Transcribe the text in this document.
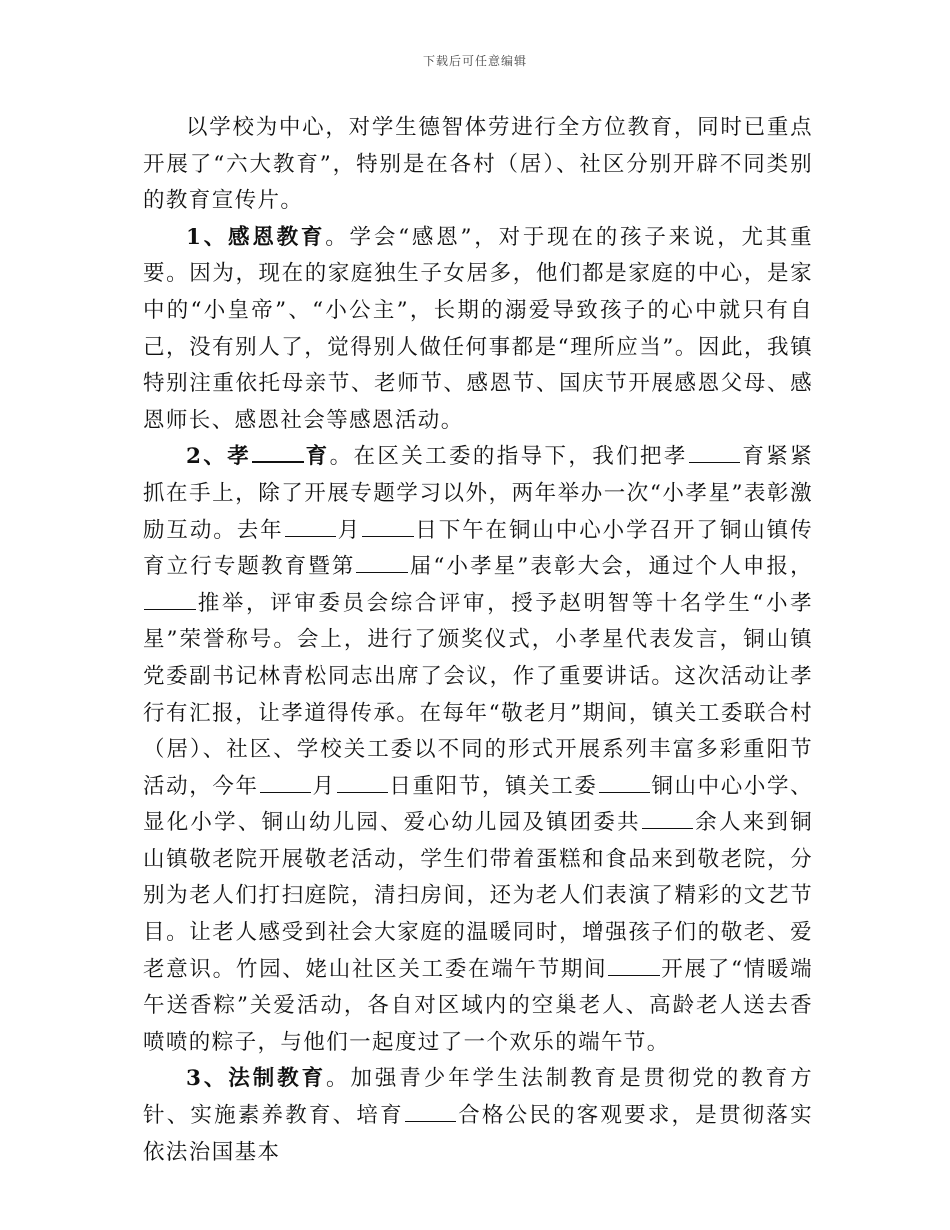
下载后可任意编辑

以学校为中心，对学生德智体劳进行全方位教育，同时已重点开展了“六大教育”，特别是在各村（居）、社区分别开辟不同类别的教育宣传片。

1、感恩教育。学会“感恩”，对于现在的孩子来说，尤其重要。因为，现在的家庭独生子女居多，他们都是家庭的中心，是家中的“小皇帝”、“小公主”，长期的溺爱导致孩子的心中就只有自己，没有别人了，觉得别人做任何事都是“理所应当”。因此，我镇特别注重依托母亲节、老师节、感恩节、国庆节开展感恩父母、感恩师长、感恩社会等感恩活动。

2、孝 育。在区关工委的指导下，我们把孝 育紧紧抓在手上，除了开展专题学习以外，两年举办一次“小孝星”表彰激励互动。去年 月 日下午在铜山中心小学召开了铜山镇传育立行专题教育暨第 届“小孝星”表彰大会，通过个人申报，推举，评审委员会综合评审，授予赵明智等十名学生“小孝星”荣誉称号。会上，进行了颁奖仪式，小孝星代表发言，铜山镇党委副书记林青松同志出席了会议，作了重要讲话。这次活动让孝行有汇报，让孝道得传承。在每年“敬老月”期间，镇关工委联合村（居）、社区、学校关工委以不同的形式开展系列丰富多彩重阳节活动，今年 月 日重阳节，镇关工委 铜山中心小学、显化小学、铜山幼儿园、爱心幼儿园及镇团委共 余人来到铜山镇敬老院开展敬老活动，学生们带着蛋糕和食品来到敬老院，分别为老人们打扫庭院，清扫房间，还为老人们表演了精彩的文艺节目。让老人感受到社会大家庭的温暖同时，增强孩子们的敬老、爱老意识。竹园、姥山社区关工委在端午节期间 开展了“情暖端午送香粽”关爱活动，各自对区域内的空巢老人、高龄老人送去香喷喷的粽子，与他们一起度过了一个欢乐的端午节。

3、法制教育。加强青少年学生法制教育是贯彻党的教育方针、实施素养教育、培育 合格公民的客观要求，是贯彻落实依法治国基本
